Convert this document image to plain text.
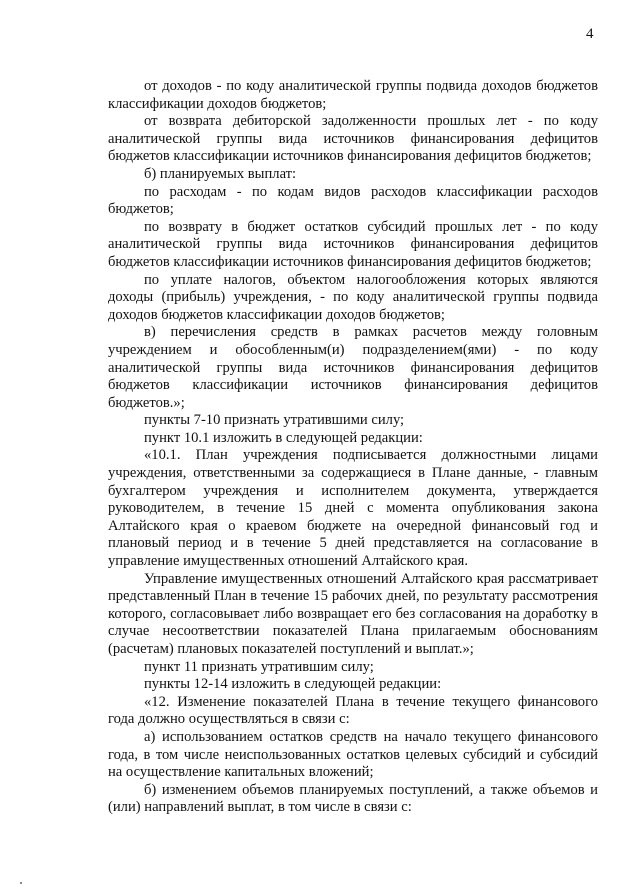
4

от доходов - по коду аналитической группы подвида доходов бюджетов классификации доходов бюджетов;

от возврата дебиторской задолженности прошлых лет - по коду аналитической группы вида источников финансирования дефицитов бюджетов классификации источников финансирования дефицитов бюджетов;

б) планируемых выплат:

по расходам - по кодам видов расходов классификации расходов бюджетов;

по возврату в бюджет остатков субсидий прошлых лет - по коду аналитической группы вида источников финансирования дефицитов бюджетов классификации источников финансирования дефицитов бюджетов;

по уплате налогов, объектом налогообложения которых являются доходы (прибыль) учреждения, - по коду аналитической группы подвида доходов бюджетов классификации доходов бюджетов;

в) перечисления средств в рамках расчетов между головным учреждением и обособленным(и) подразделением(ями) - по коду аналитической группы вида источников финансирования дефицитов бюджетов классификации источников финансирования дефицитов бюджетов.»;

пункты 7-10 признать утратившими силу;

пункт 10.1 изложить в следующей редакции:

«10.1. План учреждения подписывается должностными лицами учреждения, ответственными за содержащиеся в Плане данные, - главным бухгалтером учреждения и исполнителем документа, утверждается руководителем, в течение 15 дней с момента опубликования закона Алтайского края о краевом бюджете на очередной финансовый год и плановый период и в течение 5 дней представляется на согласование в управление имущественных отношений Алтайского края.

Управление имущественных отношений Алтайского края рассматривает представленный План в течение 15 рабочих дней, по результату рассмотрения которого, согласовывает либо возвращает его без согласования на доработку в случае несоответствии показателей Плана прилагаемым обоснованиям (расчетам) плановых показателей поступлений и выплат.»;

пункт 11 признать утратившим силу;

пункты 12-14 изложить в следующей редакции:

«12. Изменение показателей Плана в течение текущего финансового года должно осуществляться в связи с:

а) использованием остатков средств на начало текущего финансового года, в том числе неиспользованных остатков целевых субсидий и субсидий на осуществление капитальных вложений;

б) изменением объемов планируемых поступлений, а также объемов и (или) направлений выплат, в том числе в связи с:
